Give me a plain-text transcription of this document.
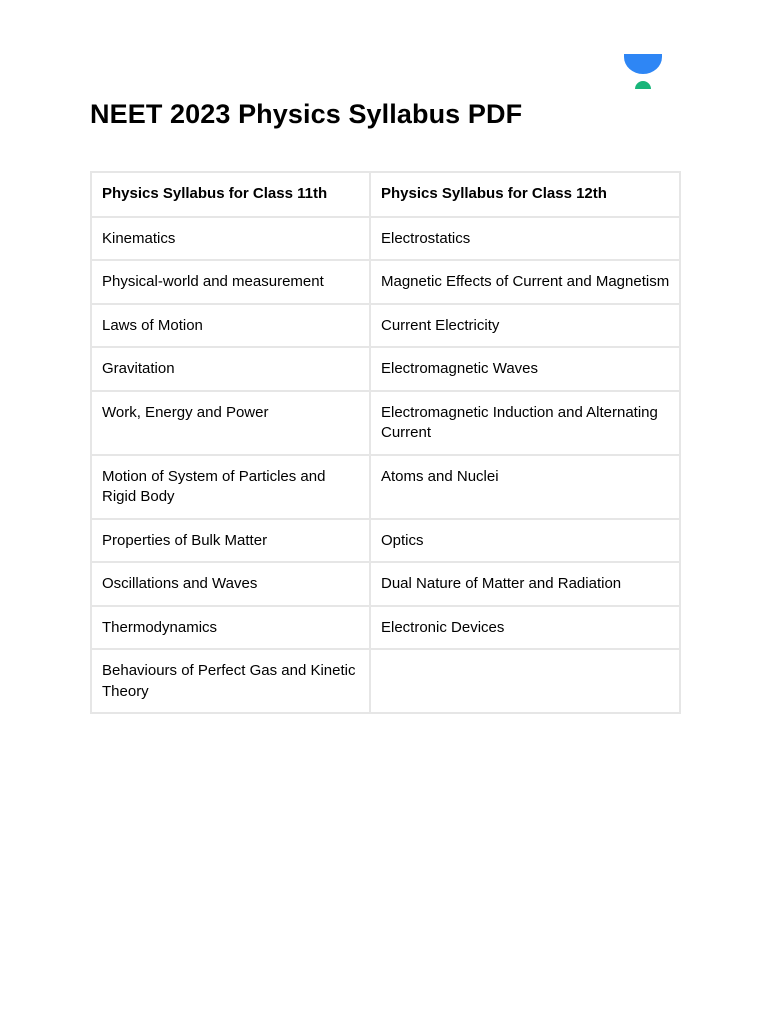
NEET 2023 Physics Syllabus PDF
Physics Syllabus for Class 11th	Physics Syllabus for Class 12th
Kinematics	Electrostatics
Physical-world and measurement	Magnetic Effects of Current and Magnetism
Laws of Motion	Current Electricity
Gravitation	Electromagnetic Waves
Work, Energy and Power	Electromagnetic Induction and Alternating Current
Motion of System of Particles and Rigid Body	Atoms and Nuclei
Properties of Bulk Matter	Optics
Oscillations and Waves	Dual Nature of Matter and Radiation
Thermodynamics	Electronic Devices
Behaviours of Perfect Gas and Kinetic Theory	
